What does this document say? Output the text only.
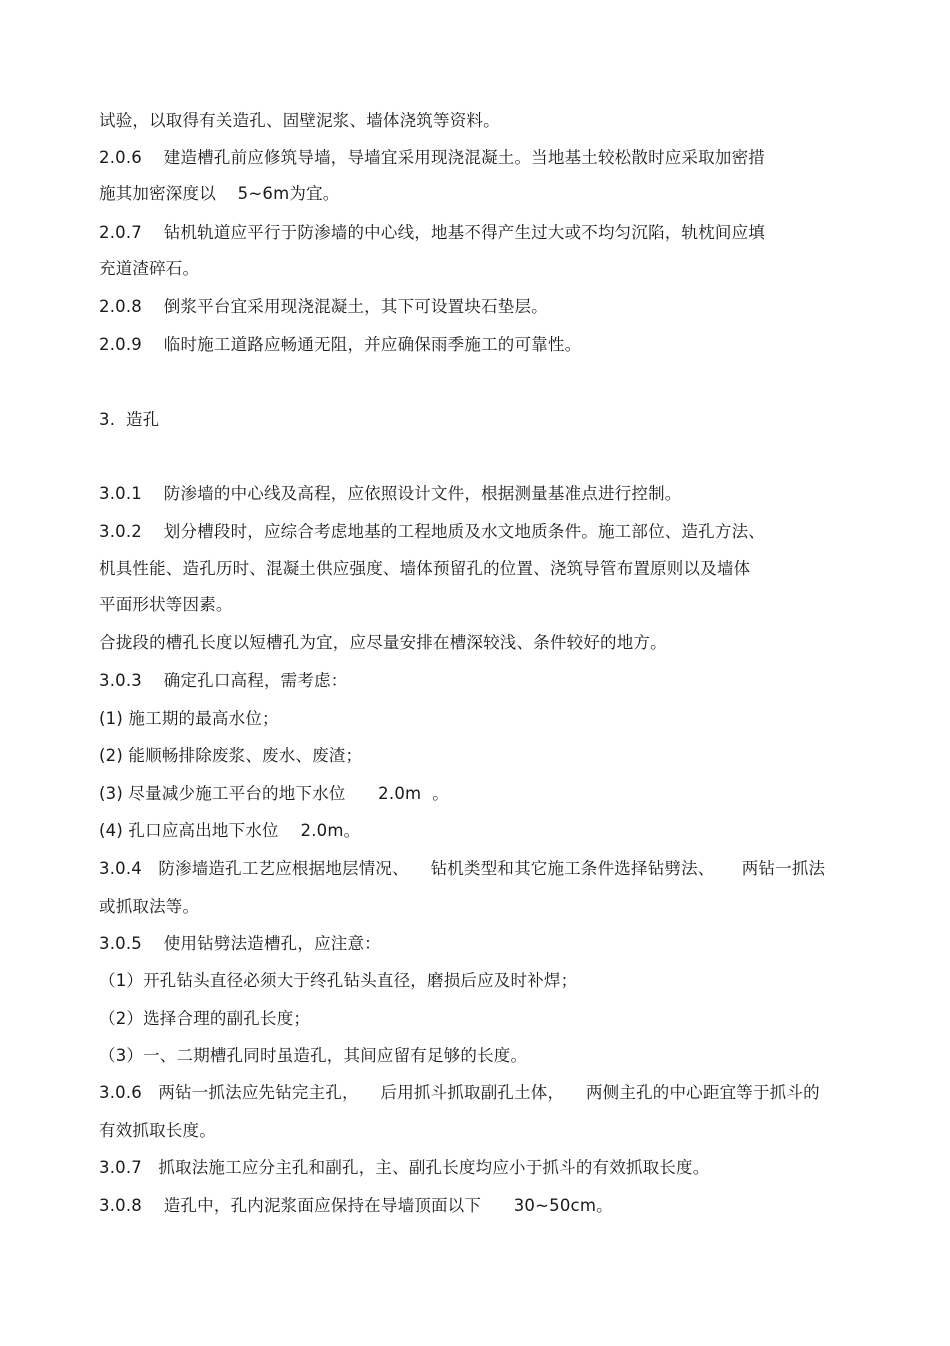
试验，以取得有关造孔、固壁泥浆、墙体浇筑等资料。
2.0.6    建造槽孔前应修筑导墙，导墙宜采用现浇混凝土。当地基土较松散时应采取加密措
施其加密深度以    5~6m为宜。
2.0.7    钻机轨道应平行于防渗墙的中心线，地基不得产生过大或不均匀沉陷，轨枕间应填
充道渣碎石。
2.0.8    倒浆平台宜采用现浇混凝土，其下可设置块石垫层。
2.0.9    临时施工道路应畅通无阻，并应确保雨季施工的可靠性。
3.  造孔
3.0.1    防渗墙的中心线及高程，应依照设计文件，根据测量基准点进行控制。
3.0.2    划分槽段时，应综合考虑地基的工程地质及水文地质条件。施工部位、造孔方法、
机具性能、造孔历时、混凝土供应强度、墙体预留孔的位置、浇筑导管布置原则以及墙体
平面形状等因素。
合拢段的槽孔长度以短槽孔为宜，应尽量安排在槽深较浅、条件较好的地方。
3.0.3    确定孔口高程，需考虑：
(1) 施工期的最高水位；
(2) 能顺畅排除废浆、废水、废渣；
(3) 尽量减少施工平台的地下水位      2.0m  。
(4) 孔口应高出地下水位    2.0m。
3.0.4   防渗墙造孔工艺应根据地层情况、    钻机类型和其它施工条件选择钻劈法、     两钻一抓法
或抓取法等。
3.0.5    使用钻劈法造槽孔，应注意：
（1）开孔钻头直径必须大于终孔钻头直径，磨损后应及时补焊；
（2）选择合理的副孔长度；
（3）一、二期槽孔同时虽造孔，其间应留有足够的长度。
3.0.6   两钻一抓法应先钻完主孔，    后用抓斗抓取副孔土体，    两侧主孔的中心距宜等于抓斗的
有效抓取长度。
3.0.7   抓取法施工应分主孔和副孔，主、副孔长度均应小于抓斗的有效抓取长度。
3.0.8    造孔中，孔内泥浆面应保持在导墙顶面以下      30~50cm。
